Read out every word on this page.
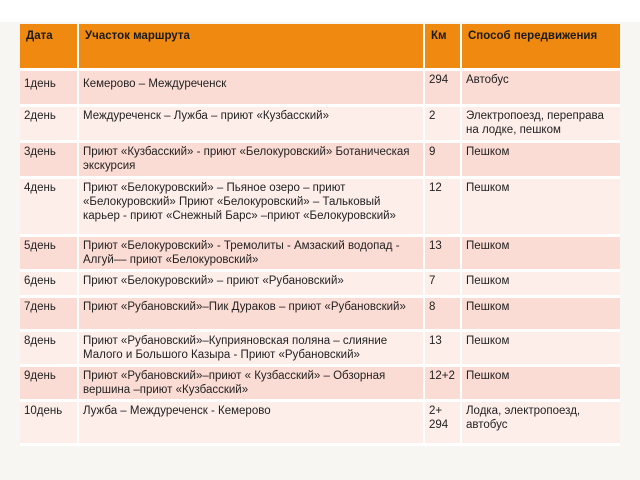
Дата	Участок маршрута	Км	Способ передвижения
1день	Кемерово – Междуреченск	294	Автобус
2день	Междуреченск – Лужба – приют «Кузбасский»	2	Электропоезд, переправа на лодке, пешком
3день	Приют «Кузбасский» - приют «Белокуровский» Ботаническая экскурсия	9	Пешком
4день	Приют «Белокуровский» – Пьяное озеро – приют «Белокуровский» Приют «Белокуровский» – Тальковый карьер - приют «Снежный Барс» –приют «Белокуровский»	12	Пешком
5день	Приют «Белокуровский» - Тремолиты - Амзаский водопад - Алгуй–– приют «Белокуровский»	13	Пешком
6день	Приют «Белокуровский» – приют «Рубановский»	7	Пешком
7день	Приют «Рубановский»–Пик Дураков – приют «Рубановский»	8	Пешком
8день	Приют «Рубановский»–Куприяновская поляна – слияние Малого и Большого Казыра - Приют «Рубановский»	13	Пешком
9день	Приют «Рубановский»–приют « Кузбасский» – Обзорная вершина –приют «Кузбасский»	12+2	Пешком
10день	Лужба – Междуреченск - Кемерово	2+ 294	Лодка, электропоезд, автобус
